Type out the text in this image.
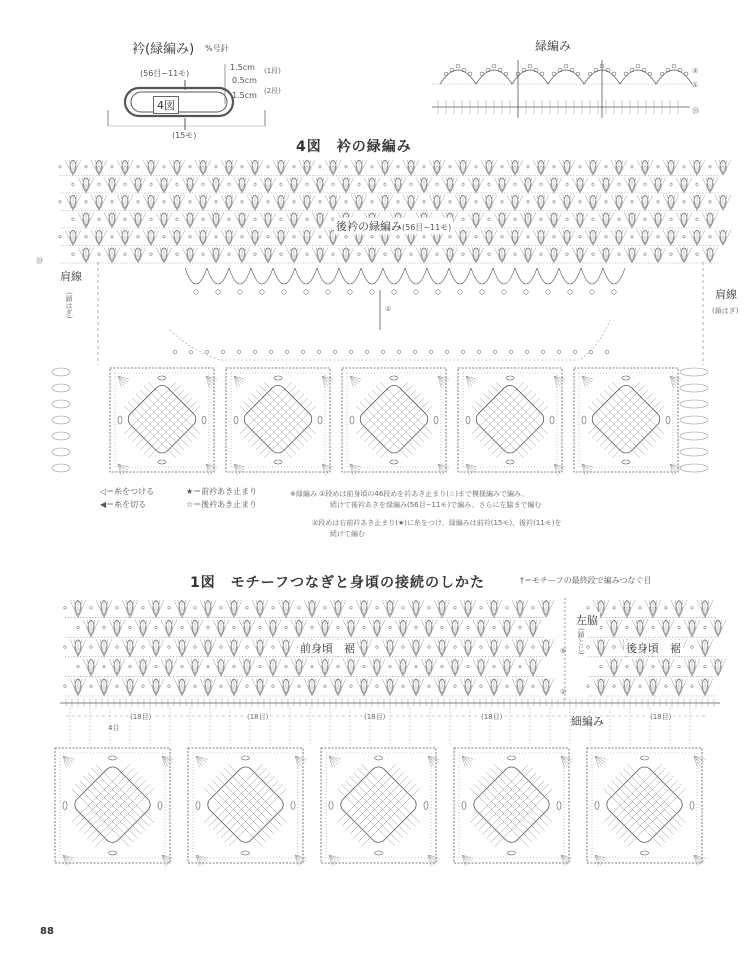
衿(緑編み) %号針
(56目−11モ)
1.5cm
0.5cm
1.5cm
(1段)
(2段)
4図
(15モ)
緑編み
②
①
⑳
4図　衿の緑編み
後衿の緑編み(56目−11モ)
肩線
(鎖はぎ)	肩線
(鎖はぎ)
⑳
①
◁＝糸をつける
◀＝糸を切る
★＝前衿あき止まり
☆＝後衿あき止まり
※緑編み ①段めは前身頃の46段めを衿あき止まり(☆)まで模様編みで編み、
続けて後衿あきを緑編み(56目−11モ)で編み、さらに左脇まで編む
②段めは右前衿あき止まり(★)に糸をつけ、緑編みは前衿(15モ)、後衿(11モ)を
続けて編む
1図　モチーフつなぎと身頃の接続のしかた	†＝モチーフの最終段で編みつなぐ目
前身頃　裾	後身頃　裾
左脇
(鎖とじ)
細編み
⑤
①
(18目)	(18目)	(18目)	(18目)	(18目)
4目
88
